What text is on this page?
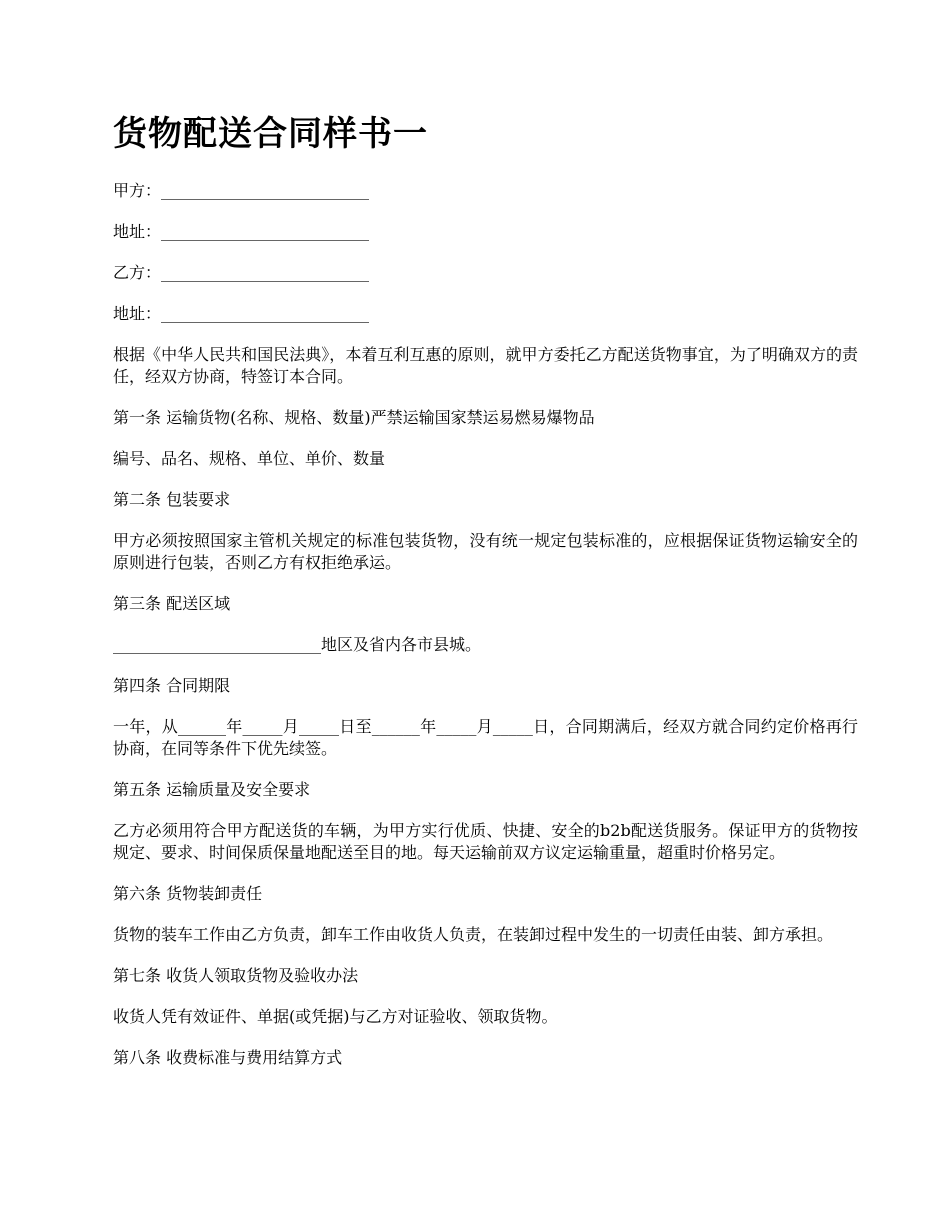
货物配送合同样书一

甲方：__________________________

地址：__________________________

乙方：__________________________

地址：__________________________

根据《中华人民共和国民法典》，本着互利互惠的原则，就甲方委托乙方配送货物事宜，为了明确双方的责任，经双方协商，特签订本合同。

第一条 运输货物(名称、规格、数量)严禁运输国家禁运易燃易爆物品

编号、品名、规格、单位、单价、数量

第二条 包装要求

甲方必须按照国家主管机关规定的标准包装货物，没有统一规定包装标准的，应根据保证货物运输安全的原则进行包装，否则乙方有权拒绝承运。

第三条 配送区域

__________________________地区及省内各市县城。

第四条 合同期限

一年，从______年_____月_____日至______年_____月_____日，合同期满后，经双方就合同约定价格再行协商，在同等条件下优先续签。

第五条 运输质量及安全要求

乙方必须用符合甲方配送货的车辆，为甲方实行优质、快捷、安全的b2b配送货服务。保证甲方的货物按规定、要求、时间保质保量地配送至目的地。每天运输前双方议定运输重量，超重时价格另定。

第六条 货物装卸责任

货物的装车工作由乙方负责，卸车工作由收货人负责，在装卸过程中发生的一切责任由装、卸方承担。

第七条 收货人领取货物及验收办法

收货人凭有效证件、单据(或凭据)与乙方对证验收、领取货物。

第八条 收费标准与费用结算方式
